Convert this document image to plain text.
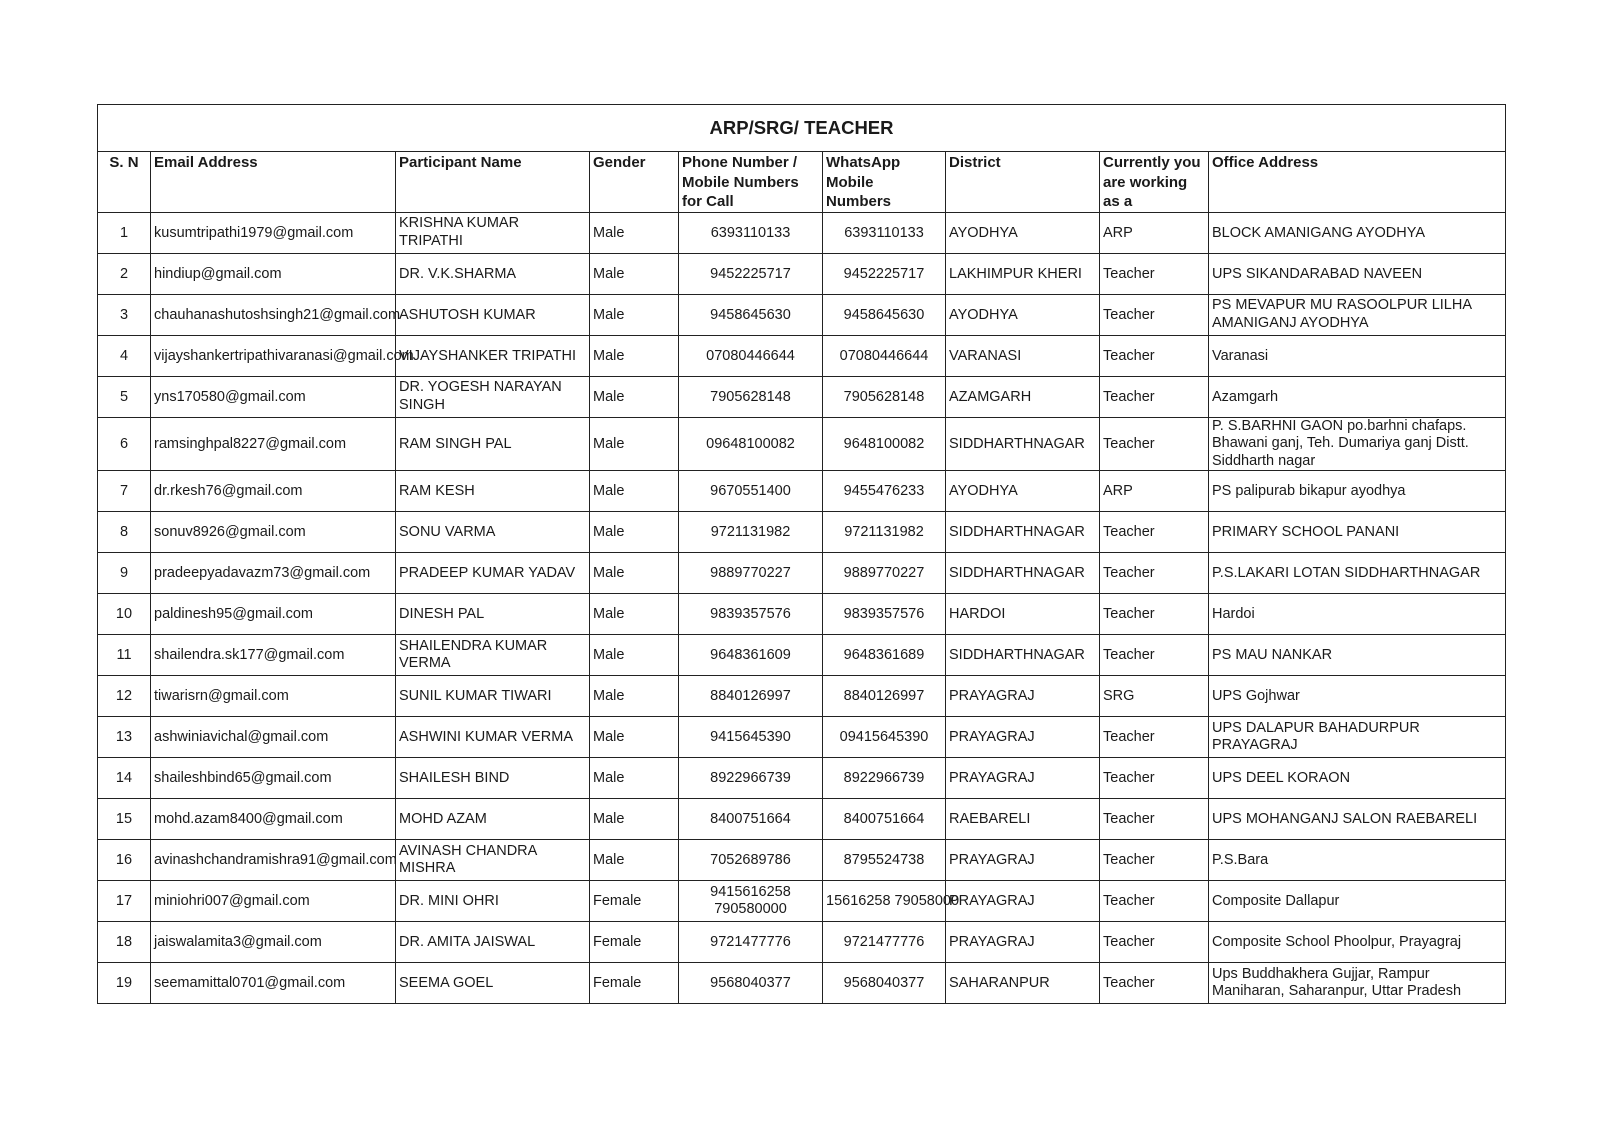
ARP/SRG/ TEACHER								
S. N	Email Address	Participant Name	Gender	Phone Number / Mobile Numbers for Call	WhatsApp Mobile Numbers	District	Currently you are working as a	Office Address
1	kusumtripathi1979@gmail.com	KRISHNA KUMAR TRIPATHI	Male	6393110133	6393110133	AYODHYA	ARP	BLOCK AMANIGANG AYODHYA
2	hindiup@gmail.com	DR. V.K.SHARMA	Male	9452225717	9452225717	LAKHIMPUR KHERI	Teacher	UPS SIKANDARABAD NAVEEN
3	chauhanashutoshsingh21@gmail.com	ASHUTOSH KUMAR	Male	9458645630	9458645630	AYODHYA	Teacher	PS MEVAPUR MU RASOOLPUR LILHA AMANIGANJ AYODHYA
4	vijayshankertripathivaranasi@gmail.com	VIJAYSHANKER TRIPATHI	Male	07080446644	07080446644	VARANASI	Teacher	Varanasi
5	yns170580@gmail.com	DR. YOGESH NARAYAN SINGH	Male	7905628148	7905628148	AZAMGARH	Teacher	Azamgarh
6	ramsinghpal8227@gmail.com	RAM SINGH PAL	Male	09648100082	9648100082	SIDDHARTHNAGAR	Teacher	P. S.BARHNI GAON po.barhni chafaps. Bhawani ganj, Teh. Dumariya ganj Distt. Siddharth nagar
7	dr.rkesh76@gmail.com	RAM KESH	Male	9670551400	9455476233	AYODHYA	ARP	PS palipurab bikapur ayodhya
8	sonuv8926@gmail.com	SONU VARMA	Male	9721131982	9721131982	SIDDHARTHNAGAR	Teacher	PRIMARY SCHOOL PANANI
9	pradeepyadavazm73@gmail.com	PRADEEP KUMAR YADAV	Male	9889770227	9889770227	SIDDHARTHNAGAR	Teacher	P.S.LAKARI LOTAN SIDDHARTHNAGAR
10	paldinesh95@gmail.com	DINESH PAL	Male	9839357576	9839357576	HARDOI	Teacher	Hardoi
11	shailendra.sk177@gmail.com	SHAILENDRA KUMAR VERMA	Male	9648361609	9648361689	SIDDHARTHNAGAR	Teacher	PS MAU NANKAR
12	tiwarisrn@gmail.com	SUNIL KUMAR TIWARI	Male	8840126997	8840126997	PRAYAGRAJ	SRG	UPS Gojhwar
13	ashwiniavichal@gmail.com	ASHWINI KUMAR VERMA	Male	9415645390	09415645390	PRAYAGRAJ	Teacher	UPS DALAPUR BAHADURPUR PRAYAGRAJ
14	shaileshbind65@gmail.com	SHAILESH BIND	Male	8922966739	8922966739	PRAYAGRAJ	Teacher	UPS DEEL KORAON
15	mohd.azam8400@gmail.com	MOHD AZAM	Male	8400751664	8400751664	RAEBARELI	Teacher	UPS MOHANGANJ SALON RAEBARELI
16	avinashchandramishra91@gmail.com	AVINASH CHANDRA MISHRA	Male	7052689786	8795524738	PRAYAGRAJ	Teacher	P.S.Bara
17	miniohri007@gmail.com	DR. MINI OHRI	Female	9415616258 790580000	15616258 79058000	PRAYAGRAJ	Teacher	Composite Dallapur
18	jaiswalamita3@gmail.com	DR. AMITA JAISWAL	Female	9721477776	9721477776	PRAYAGRAJ	Teacher	Composite School Phoolpur, Prayagraj
19	seemamittal0701@gmail.com	SEEMA GOEL	Female	9568040377	9568040377	SAHARANPUR	Teacher	Ups Buddhakhera Gujjar, Rampur Maniharan, Saharanpur, Uttar Pradesh
